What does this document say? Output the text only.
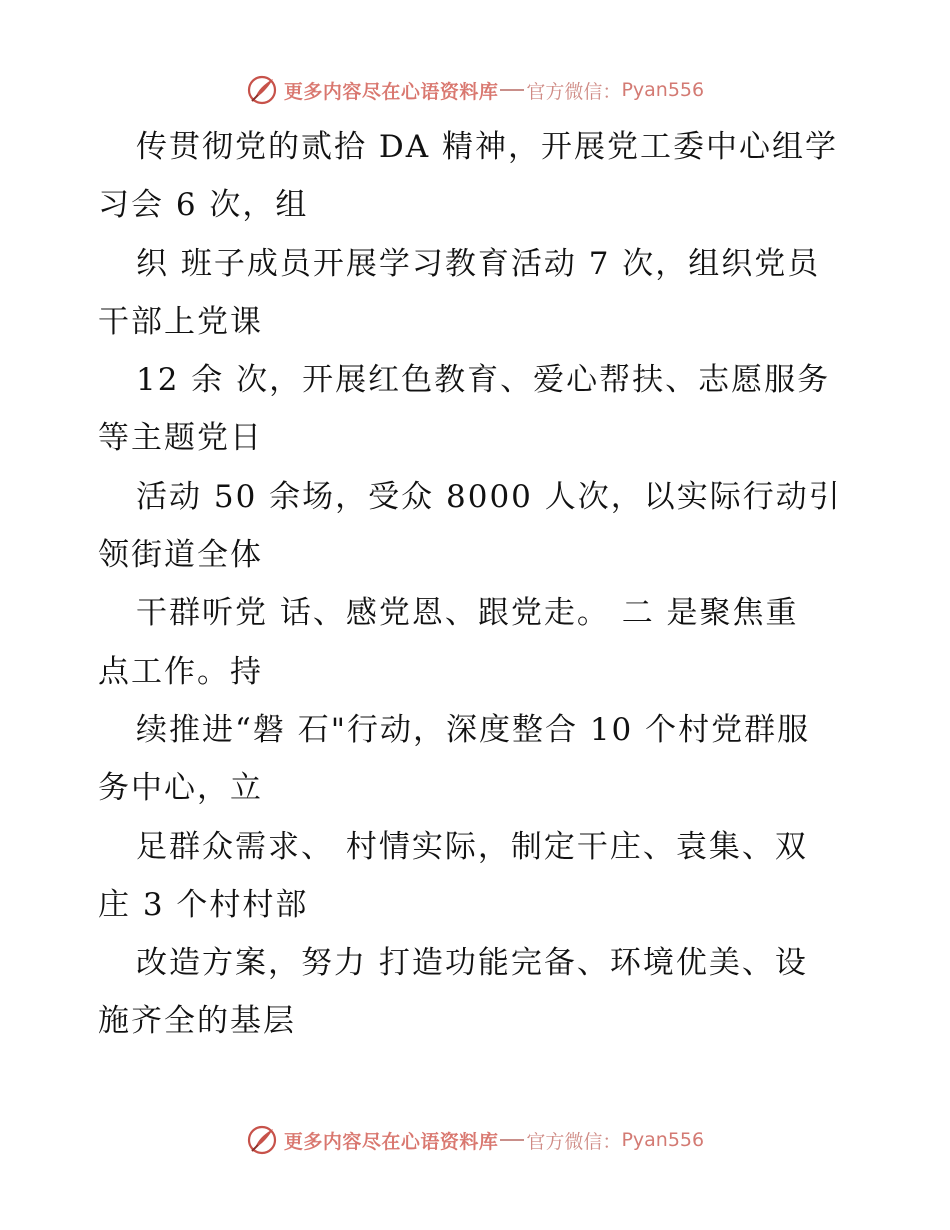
更多内容尽在心语资料库 官方微信： Pyan556
传贯彻党的贰拾 DA 精神，开展党工委中心组学
习会 6 次，组
织 班子成员开展学习教育活动 7 次，组织党员
干部上党课
12 余 次，开展红色教育、爱心帮扶、志愿服务
等主题党日
活动 50 余场，受众 8000 人次，以实际行动引
领街道全体
干群听党 话、感党恩、跟党走。 二 是聚焦重
点工作。持
续推进“磐 石"行动，深度整合 10 个村党群服
务中心，立
足群众需求、 村情实际，制定干庄、袁集、双
庄 3 个村村部
改造方案，努力 打造功能完备、环境优美、设
施齐全的基层
更多内容尽在心语资料库 官方微信： Pyan556
